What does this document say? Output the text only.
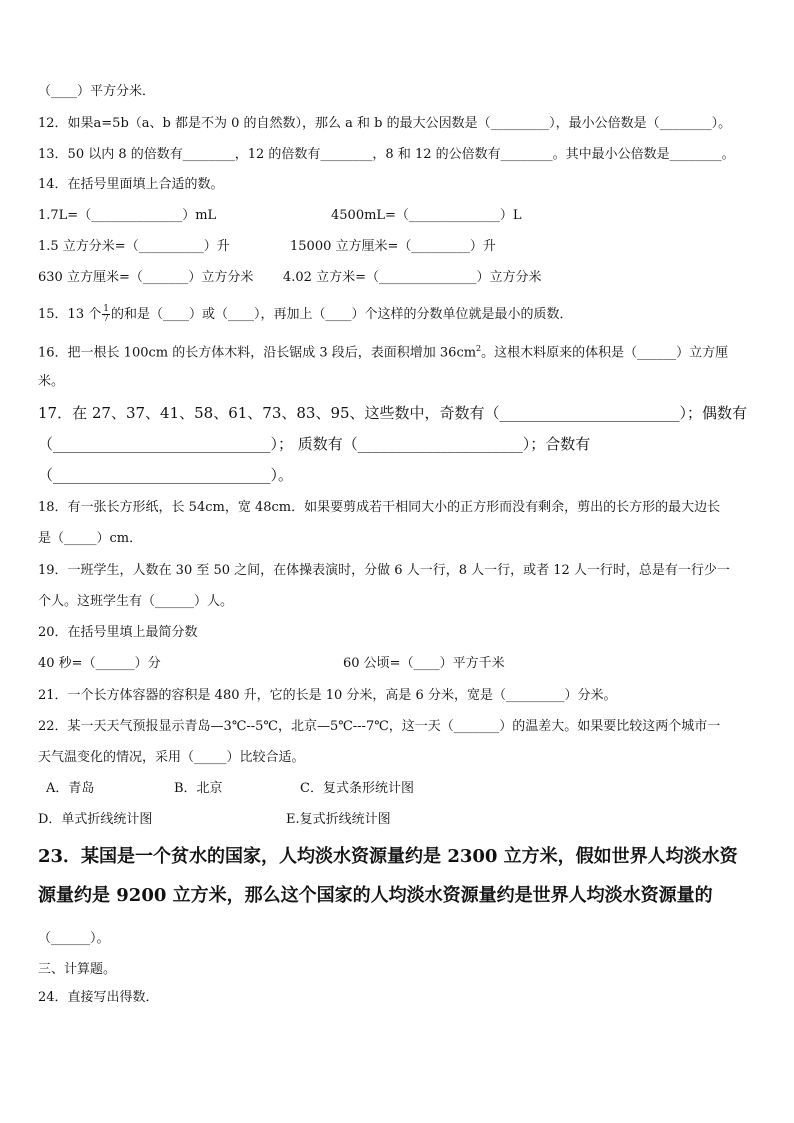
（____）平方分米．
12．如果a=5b（a、b 都是不为 0 的自然数），那么 a 和 b 的最大公因数是（_________），最小公倍数是（________）。
13．50 以内 8 的倍数有________，12 的倍数有________，8 和 12 的公倍数有________。其中最小公倍数是________。
14．在括号里面填上合适的数。
1.7L=（______________）mL	4500mL=（______________）L
1.5 立方分米=（__________）升	15000 立方厘米=（_________）升
630 立方厘米=（_______）立方分米 4.02 立方米=（_______________）立方分米
15．13 个 $\frac{1}{7}$ 的和是（____）或（____），再加上（____）个这样的分数单位就是最小的质数．
16．把一根长 100cm 的长方体木料，沿长锯成 3 段后，表面积增加 $36cm^2$。这根木料原来的体积是（______）立方厘
米。
17．在 27、37、41、58、61、73、83、95、这些数中，奇数有（________________________）；偶数有
（_____________________________）； 质数有（______________________）；合数有
（_____________________________）。
18．有一张长方形纸，长 54cm，宽 48cm．如果要剪成若干相同大小的正方形而没有剩余，剪出的长方形的最大边长
是（_____）cm．
19．一班学生，人数在 30 至 50 之间，在体操表演时，分做 6 人一行，8 人一行，或者 12 人一行时，总是有一行少一
个人。这班学生有（______）人。
20．在括号里填上最简分数
40 秒=（______）分	60 公顷=（____）平方千米
21．一个长方体容器的容积是 480 升，它的长是 10 分米，高是 6 分米，宽是（_________）分米。
22．某一天天气预报显示青岛—3℃--5℃，北京—5℃---7℃，这一天（_______）的温差大。如果要比较这两个城市一
天气温变化的情况，采用（_____）比较合适。
A．青岛	B．北京	C．复式条形统计图
D．单式折线统计图	E.复式折线统计图
23．某国是一个贫水的国家，人均淡水资源量约是 2300 立方米，假如世界人均淡水资
源量约是 9200 立方米，那么这个国家的人均淡水资源量约是世界人均淡水资源量的
（______）。
三、计算题。
24．直接写出得数．
